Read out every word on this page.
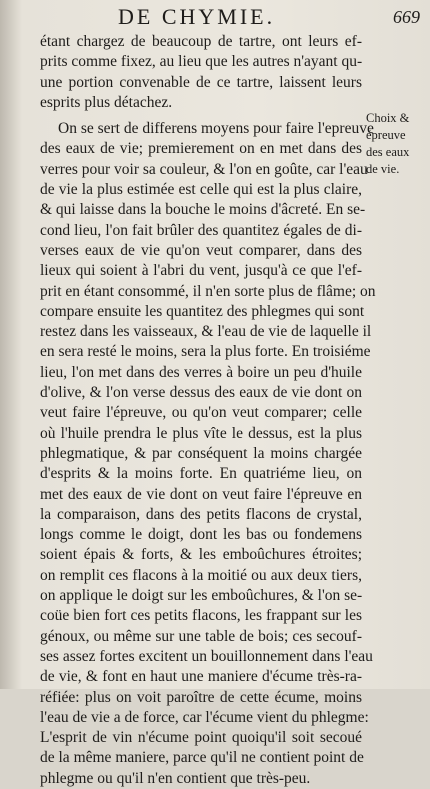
DE CHYMIE.	669
étant chargez de beaucoup de tartre, ont leurs ef-
prits comme fixez, au lieu que les autres n'ayant qu-
une portion convenable de ce tartre, laissent leurs
esprits plus détachez.
On se sert de differens moyens pour faire l'epreuve
des eaux de vie; premierement on en met dans des
verres pour voir sa couleur, & l'on en goûte, car l'eau
de vie la plus estimée est celle qui est la plus claire,
& qui laisse dans la bouche le moins d'âcreté. En se-
cond lieu, l'on fait brûler des quantitez égales de di-
verses eaux de vie qu'on veut comparer, dans des
lieux qui soient à l'abri du vent, jusqu'à ce que l'ef-
prit en étant consommé, il n'en sorte plus de flâme; on
compare ensuite les quantitez des phlegmes qui sont
restez dans les vaisseaux, & l'eau de vie de laquelle il
en sera resté le moins, sera la plus forte. En troisiéme
lieu, l'on met dans des verres à boire un peu d'huile
d'olive, & l'on verse dessus des eaux de vie dont on
veut faire l'épreuve, ou qu'on veut comparer; celle
où l'huile prendra le plus vîte le dessus, est la plus
phlegmatique, & par conséquent la moins chargée
d'esprits & la moins forte. En quatriéme lieu, on
met des eaux de vie dont on veut faire l'épreuve en
la comparaison, dans des petits flacons de crystal,
longs comme le doigt, dont les bas ou fondemens
soient épais & forts, & les emboûchures étroites;
on remplit ces flacons à la moitié ou aux deux tiers,
on applique le doigt sur les emboûchures, & l'on se-
coüe bien fort ces petits flacons, les frappant sur les
génoux, ou même sur une table de bois; ces secouf-
ses assez fortes excitent un bouillonnement dans l'eau
de vie, & font en haut une maniere d'écume très-ra-
réfiée: plus on voit paroître de cette écume, moins
l'eau de vie a de force, car l'écume vient du phlegme:
L'esprit de vin n'écume point quoiqu'il soit secoué
de la même maniere, parce qu'il ne contient point de
phlegme ou qu'il n'en contient que très-peu.
Choix &
épreuve
des eaux
de vie.
